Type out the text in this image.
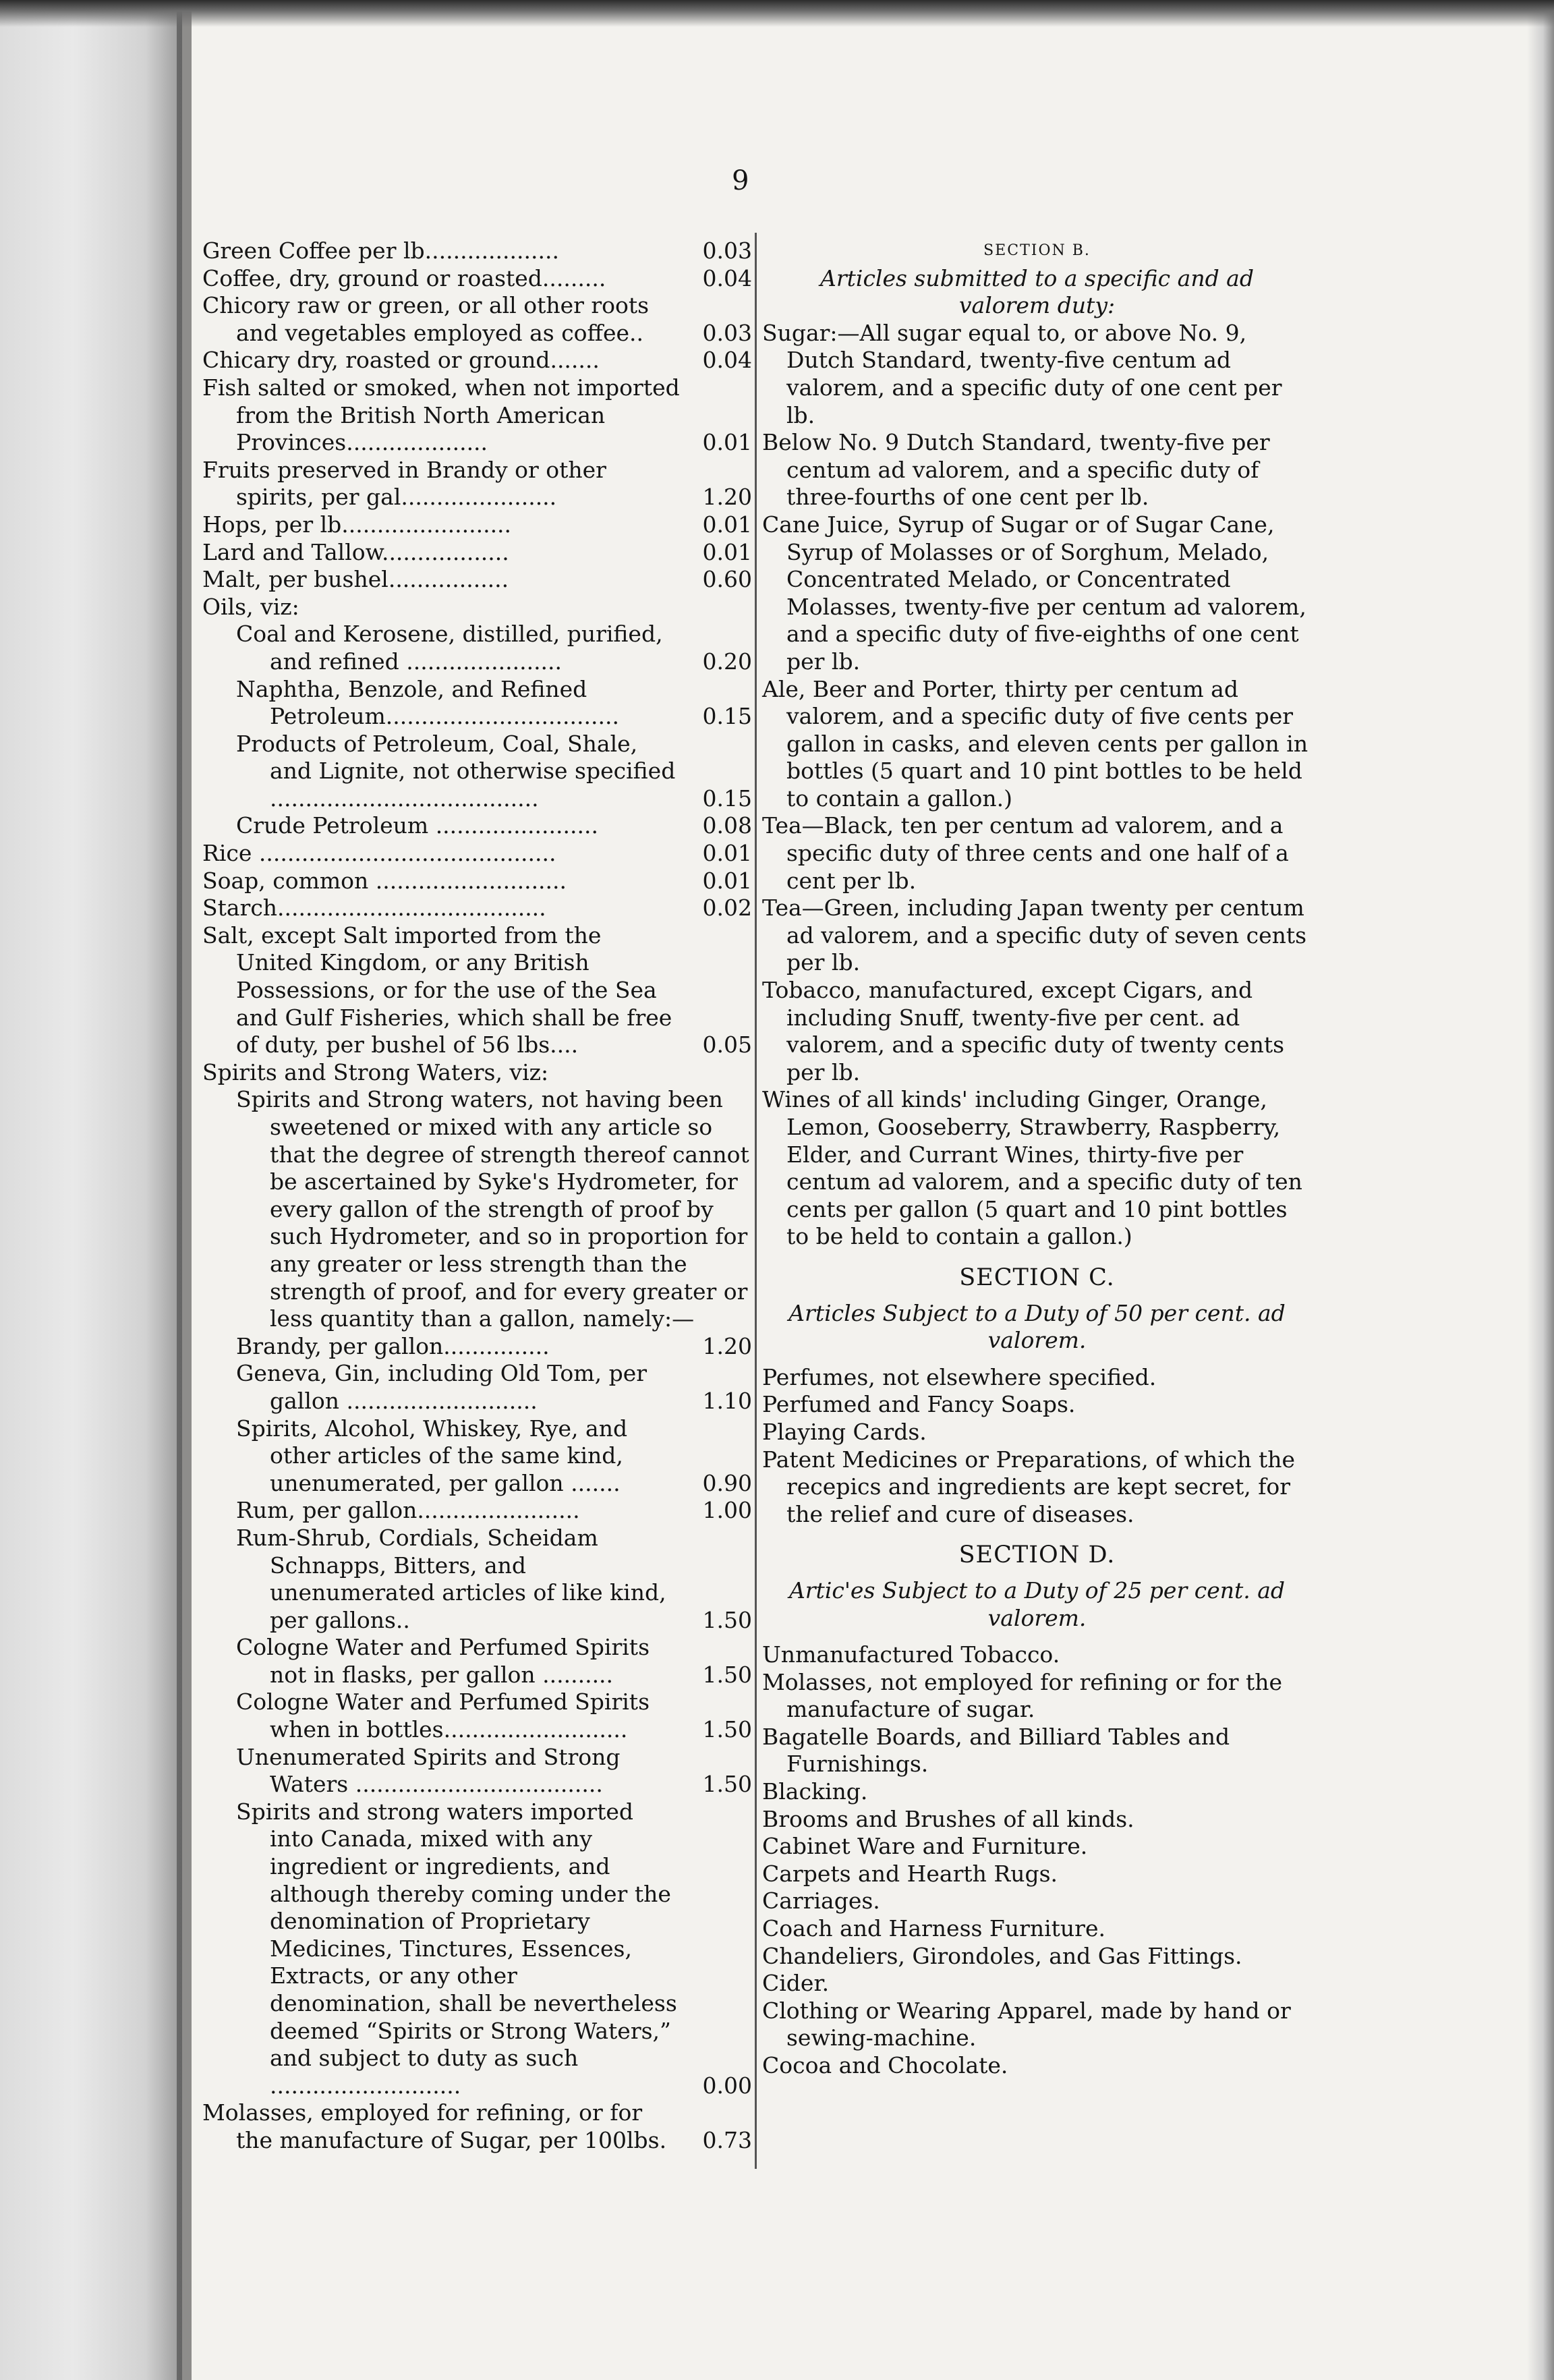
9
Green Coffee per lb...................	0.03
Coffee, dry, ground or roasted.........	0.04
Chicory raw or green, or all other roots and vegetables employed as coffee..	0.03
Chicary dry, roasted or ground.......	0.04
Fish salted or smoked, when not imported from the British North American Provinces....................	0.01
Fruits preserved in Brandy or other spirits, per gal......................	1.20
Hops, per lb........................	0.01
Lard and Tallow..................	0.01
Malt, per bushel.................	0.60
Oils, viz:
Coal and Kerosene, distilled, purified, and refined ......................	0.20
Naphtha, Benzole, and Refined Petroleum.................................	0.15
Products of Petroleum, Coal, Shale, and Lignite, not otherwise specified ......................................	0.15
Crude Petroleum .......................	0.08
Rice ..........................................	0.01
Soap, common ...........................	0.01
Starch......................................	0.02
Salt, except Salt imported from the United Kingdom, or any British Possessions, or for the use of the Sea and Gulf Fisheries, which shall be free of duty, per bushel of 56 lbs....	0.05
Spirits and Strong Waters, viz:
Spirits and Strong waters, not having been sweetened or mixed with any article so that the degree of strength thereof cannot be ascertained by Syke's Hydrometer, for every gallon of the strength of proof by such Hydrometer, and so in proportion for any greater or less strength than the strength of proof, and for every greater or less quantity than a gallon, namely:—
Brandy, per gallon...............	1.20
Geneva, Gin, including Old Tom, per gallon ...........................	1.10
Spirits, Alcohol, Whiskey, Rye, and other articles of the same kind, unenumerated, per gallon .......	0.90
Rum, per gallon.......................	1.00
Rum-Shrub, Cordials, Scheidam Schnapps, Bitters, and unenumerated articles of like kind, per gallons..	1.50
Cologne Water and Perfumed Spirits not in flasks, per gallon ..........	1.50
Cologne Water and Perfumed Spirits when in bottles..........................	1.50
Unenumerated Spirits and Strong Waters ...................................	1.50
Spirits and strong waters imported into Canada, mixed with any ingredient or ingredients, and although thereby coming under the denomination of Proprietary Medicines, Tinctures, Essences, Extracts, or any other denomination, shall be nevertheless deemed “Spirits or Strong Waters,” and subject to duty as such ...........................	0.00
Molasses, employed for refining, or for the manufacture of Sugar, per 100lbs. 0.73
SECTION B.
Articles submitted to a specific and ad valorem duty:
Sugar:—All sugar equal to, or above No. 9, Dutch Standard, twenty-five centum ad valorem, and a specific duty of one cent per lb.
Below No. 9 Dutch Standard, twenty-five per centum ad valorem, and a specific duty of three-fourths of one cent per lb.
Cane Juice, Syrup of Sugar or of Sugar Cane, Syrup of Molasses or of Sorghum, Melado, Concentrated Melado, or Concentrated Molasses, twenty-five per centum ad valorem, and a specific duty of five-eighths of one cent per lb.
Ale, Beer and Porter, thirty per centum ad valorem, and a specific duty of five cents per gallon in casks, and eleven cents per gallon in bottles (5 quart and 10 pint bottles to be held to contain a gallon.)
Tea—Black, ten per centum ad valorem, and a specific duty of three cents and one half of a cent per lb.
Tea—Green, including Japan twenty per centum ad valorem, and a specific duty of seven cents per lb.
Tobacco, manufactured, except Cigars, and including Snuff, twenty-five per cent. ad valorem, and a specific duty of twenty cents per lb.
Wines of all kinds' including Ginger, Orange, Lemon, Gooseberry, Strawberry, Raspberry, Elder, and Currant Wines, thirty-five per centum ad valorem, and a specific duty of ten cents per gallon (5 quart and 10 pint bottles to be held to contain a gallon.)
SECTION C.
Articles Subject to a Duty of 50 per cent. ad valorem.
Perfumes, not elsewhere specified.
Perfumed and Fancy Soaps.
Playing Cards.
Patent Medicines or Preparations, of which the recepics and ingredients are kept secret, for the relief and cure of diseases.
SECTION D.
Artic'es Subject to a Duty of 25 per cent. ad valorem.
Unmanufactured Tobacco.
Molasses, not employed for refining or for the manufacture of sugar.
Bagatelle Boards, and Billiard Tables and Furnishings.
Blacking.
Brooms and Brushes of all kinds.
Cabinet Ware and Furniture.
Carpets and Hearth Rugs.
Carriages.
Coach and Harness Furniture.
Chandeliers, Girondoles, and Gas Fittings.
Cider.
Clothing or Wearing Apparel, made by hand or sewing-machine.
Cocoa and Chocolate.
